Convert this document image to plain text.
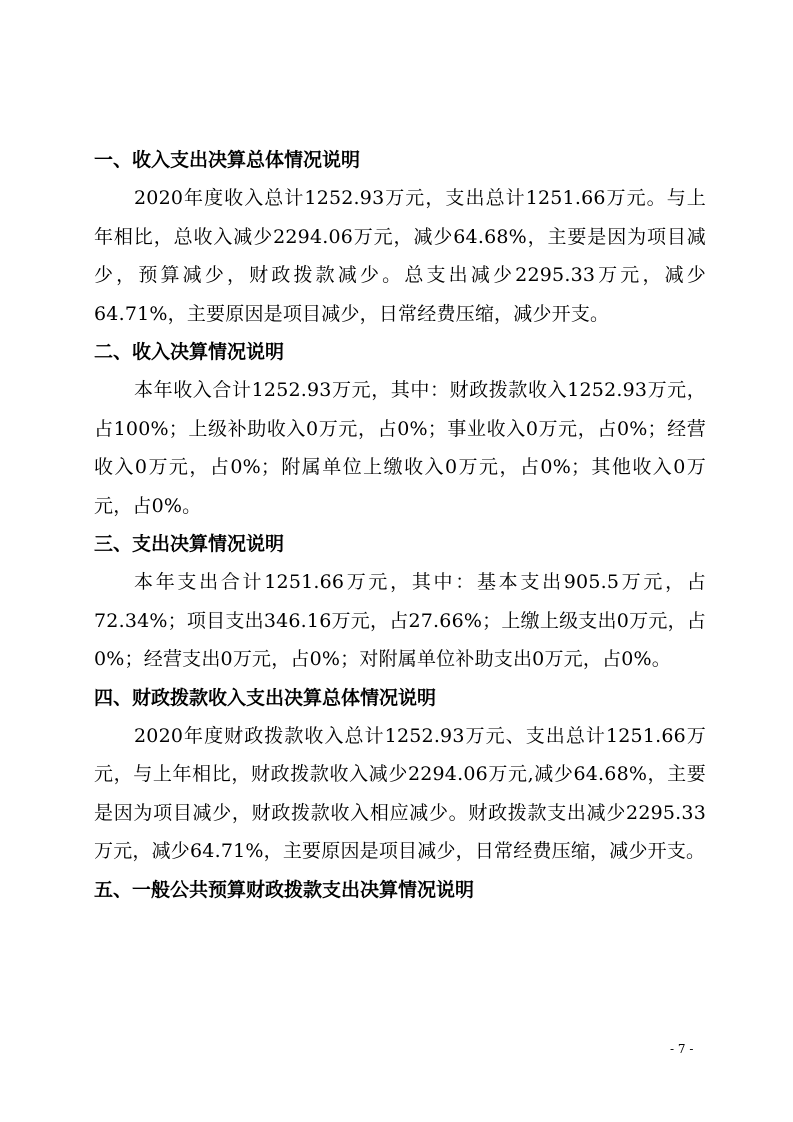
一、收入支出决算总体情况说明

2020年度收入总计1252.93万元，支出总计1251.66万元。与上年相比，总收入减少2294.06万元，减少64.68%，主要是因为项目减少，预算减少，财政拨款减少。总支出减少2295.33万元，减少64.71%，主要原因是项目减少，日常经费压缩，减少开支。

二、收入决算情况说明

本年收入合计1252.93万元，其中：财政拨款收入1252.93万元，占100%；上级补助收入0万元，占0%；事业收入0万元，占0%；经营收入0万元，占0%；附属单位上缴收入0万元，占0%；其他收入0万元，占0%。

三、支出决算情况说明

本年支出合计1251.66万元，其中：基本支出905.5万元，占72.34%；项目支出346.16万元，占27.66%；上缴上级支出0万元，占0%；经营支出0万元，占0%；对附属单位补助支出0万元，占0%。

四、财政拨款收入支出决算总体情况说明

2020年度财政拨款收入总计1252.93万元、支出总计1251.66万元，与上年相比，财政拨款收入减少2294.06万元,减少64.68%，主要是因为项目减少，财政拨款收入相应减少。财政拨款支出减少2295.33万元，减少64.71%，主要原因是项目减少，日常经费压缩，减少开支。

五、一般公共预算财政拨款支出决算情况说明

- 7 -
